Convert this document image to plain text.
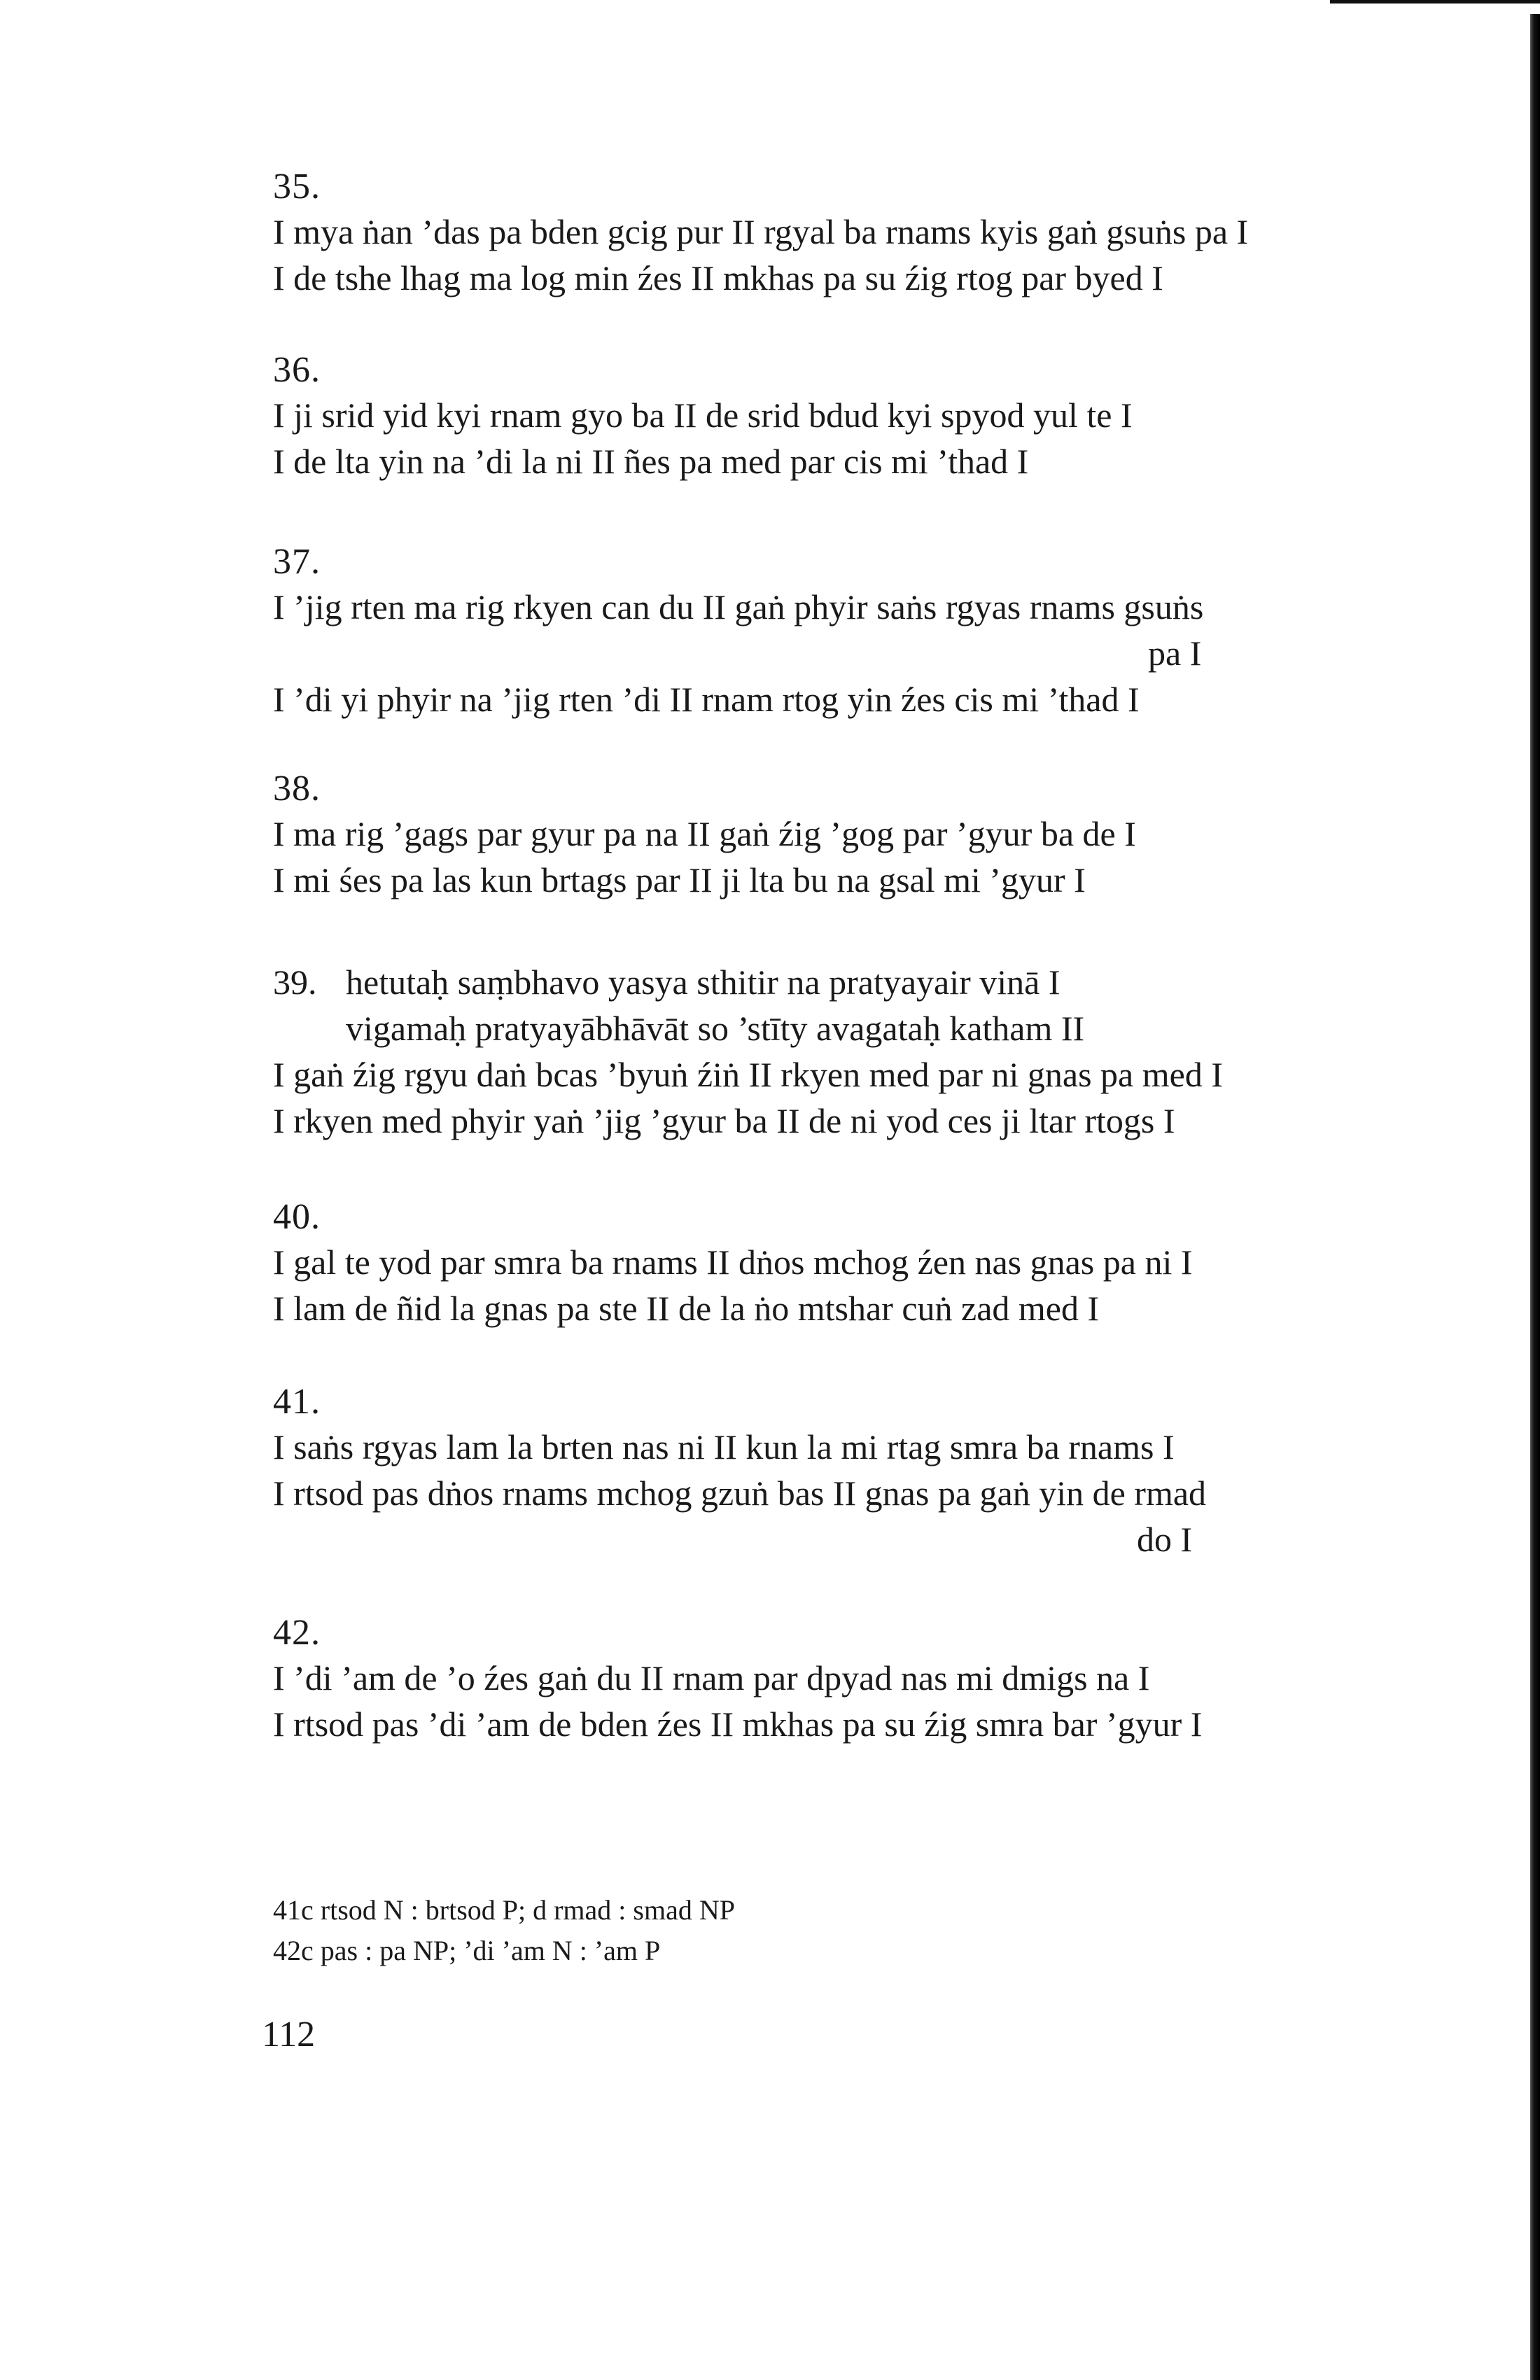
35.
I mya ṅan ’das pa bden gcig pur II rgyal ba rnams kyis gaṅ gsuṅs pa I
I de tshe lhag ma log min źes II mkhas pa su źig rtog par byed I
36.
I ji srid yid kyi rnam gyo ba II de srid bdud kyi spyod yul te I
I de lta yin na ’di la ni II ñes pa med par cis mi ’thad I
37.
I ’jig rten ma rig rkyen can du II gaṅ phyir saṅs rgyas rnams gsuṅs
pa I
I ’di yi phyir na ’jig rten ’di II rnam rtog yin źes cis mi ’thad I
38.
I ma rig ’gags par gyur pa na II gaṅ źig ’gog par ’gyur ba de I
I mi śes pa las kun brtags par II ji lta bu na gsal mi ’gyur I
39. hetutaḥ saṃbhavo yasya sthitir na pratyayair vinā I
vigamaḥ pratyayābhāvāt so ’stīty avagataḥ katham II
I gaṅ źig rgyu daṅ bcas ’byuṅ źiṅ II rkyen med par ni gnas pa med I
I rkyen med phyir yaṅ ’jig ’gyur ba II de ni yod ces ji ltar rtogs I
40.
I gal te yod par smra ba rnams II dṅos mchog źen nas gnas pa ni I
I lam de ñid la gnas pa ste II de la ṅo mtshar cuṅ zad med I
41.
I saṅs rgyas lam la brten nas ni II kun la mi rtag smra ba rnams I
I rtsod pas dṅos rnams mchog gzuṅ bas II gnas pa gaṅ yin de rmad
do I
42.
I ’di ’am de ’o źes gaṅ du II rnam par dpyad nas mi dmigs na I
I rtsod pas ’di ’am de bden źes II mkhas pa su źig smra bar ’gyur I
41c rtsod N : brtsod P; d rmad : smad NP
42c pas : pa NP; ’di ’am N : ’am P
112
